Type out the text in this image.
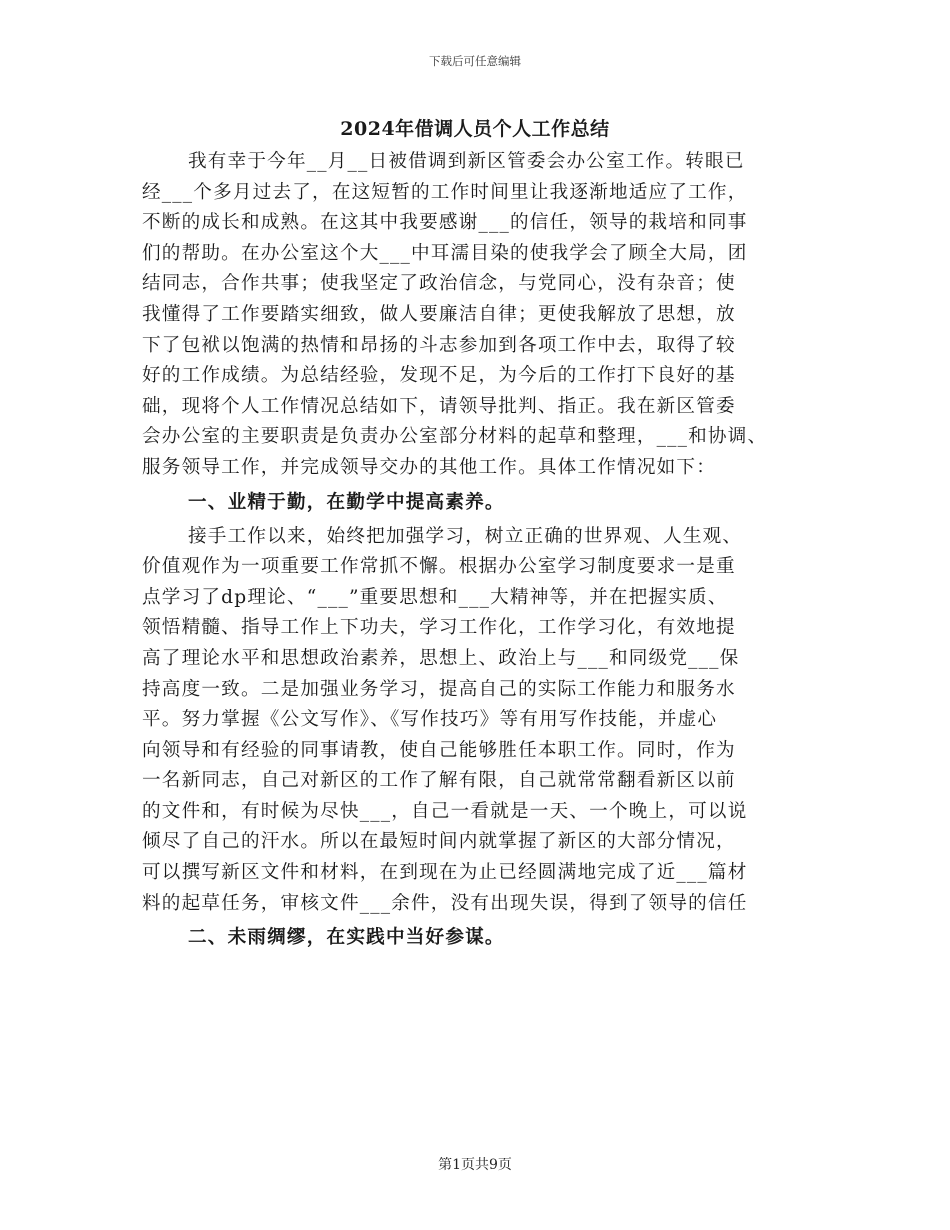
下载后可任意编辑
2024年借调人员个人工作总结
我有幸于今年__月__日被借调到新区管委会办公室工作。转眼已
经___个多月过去了，在这短暂的工作时间里让我逐渐地适应了工作，
不断的成长和成熟。在这其中我要感谢___的信任，领导的栽培和同事
们的帮助。在办公室这个大___中耳濡目染的使我学会了顾全大局，团
结同志，合作共事；使我坚定了政治信念，与党同心，没有杂音；使
我懂得了工作要踏实细致，做人要廉洁自律；更使我解放了思想，放
下了包袱以饱满的热情和昂扬的斗志参加到各项工作中去，取得了较
好的工作成绩。为总结经验，发现不足，为今后的工作打下良好的基
础，现将个人工作情况总结如下，请领导批判、指正。我在新区管委
会办公室的主要职责是负责办公室部分材料的起草和整理，___和协调、
服务领导工作，并完成领导交办的其他工作。具体工作情况如下：
一、业精于勤，在勤学中提高素养。
接手工作以来，始终把加强学习，树立正确的世界观、人生观、
价值观作为一项重要工作常抓不懈。根据办公室学习制度要求一是重
点学习了dp理论、“___”重要思想和___大精神等，并在把握实质、
领悟精髓、指导工作上下功夫，学习工作化，工作学习化，有效地提
高了理论水平和思想政治素养，思想上、政治上与___和同级党___保
持高度一致。二是加强业务学习，提高自己的实际工作能力和服务水
平。努力掌握《公文写作》、《写作技巧》等有用写作技能，并虚心
向领导和有经验的同事请教，使自己能够胜任本职工作。同时，作为
一名新同志，自己对新区的工作了解有限，自己就常常翻看新区以前
的文件和，有时候为尽快___，自己一看就是一天、一个晚上，可以说
倾尽了自己的汗水。所以在最短时间内就掌握了新区的大部分情况，
可以撰写新区文件和材料，在到现在为止已经圆满地完成了近___篇材
料的起草任务，审核文件___余件，没有出现失误，得到了领导的信任
二、未雨绸缪，在实践中当好参谋。
第1页共9页
